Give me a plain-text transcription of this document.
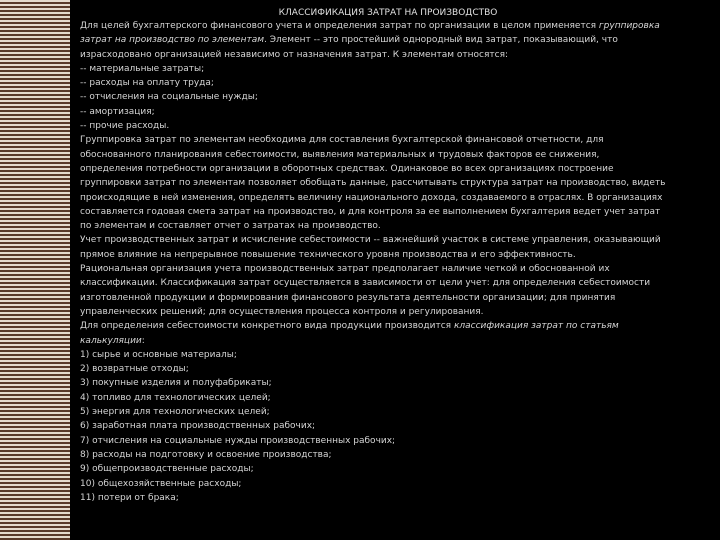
КЛАССИФИКАЦИЯ ЗАТРАТ НА ПРОИЗВОДСТВО

Для целей бухгалтерского финансового учета и определения затрат по организации в целом применяется группировка

затрат на производство по элементам. Элемент -- это простейший однородный вид затрат, показывающий, что

израсходовано организацией независимо от назначения затрат. К элементам относятся:

-- материальные затраты;

-- расходы на оплату труда;

-- отчисления на социальные нужды;

-- амортизация;

-- прочие расходы.

Группировка затрат по элементам необходима для составления бухгалтерской финансовой отчетности, для

обоснованного планирования себестоимости, выявления материальных и трудовых факторов ее снижения,

определения потребности организации в оборотных средствах. Одинаковое во всех организациях построение

группировки затрат по элементам позволяет обобщать данные, рассчитывать структура затрат на производство, видеть

происходящие в ней изменения, определять величину национального дохода, создаваемого в отраслях. В организациях

составляется годовая смета затрат на производство, и для контроля за ее выполнением бухгалтерия ведет учет затрат

по элементам и составляет отчет о затратах на производство.

Учет производственных затрат и исчисление себестоимости -- важнейший участок в системе управления, оказывающий

прямое влияние на непрерывное повышение технического уровня производства и его эффективность.

Рациональная организация учета производственных затрат предполагает наличие четкой и обоснованной их

классификации. Классификация затрат осуществляется в зависимости от цели учет: для определения себестоимости

изготовленной продукции и формирования финансового результата деятельности организации; для принятия

управленческих решений; для осуществления процесса контроля и регулирования.

Для определения себестоимости конкретного вида продукции производится классификация затрат по статьям

калькуляции:

1) сырье и основные материалы;

2) возвратные отходы;

3) покупные изделия и полуфабрикаты;

4) топливо для технологических целей;

5) энергия для технологических целей;

6) заработная плата производственных рабочих;

7) отчисления на социальные нужды производственных рабочих;

8) расходы на подготовку и освоение производства;

9) общепроизводственные расходы;

10) общехозяйственные расходы;

11) потери от брака;
